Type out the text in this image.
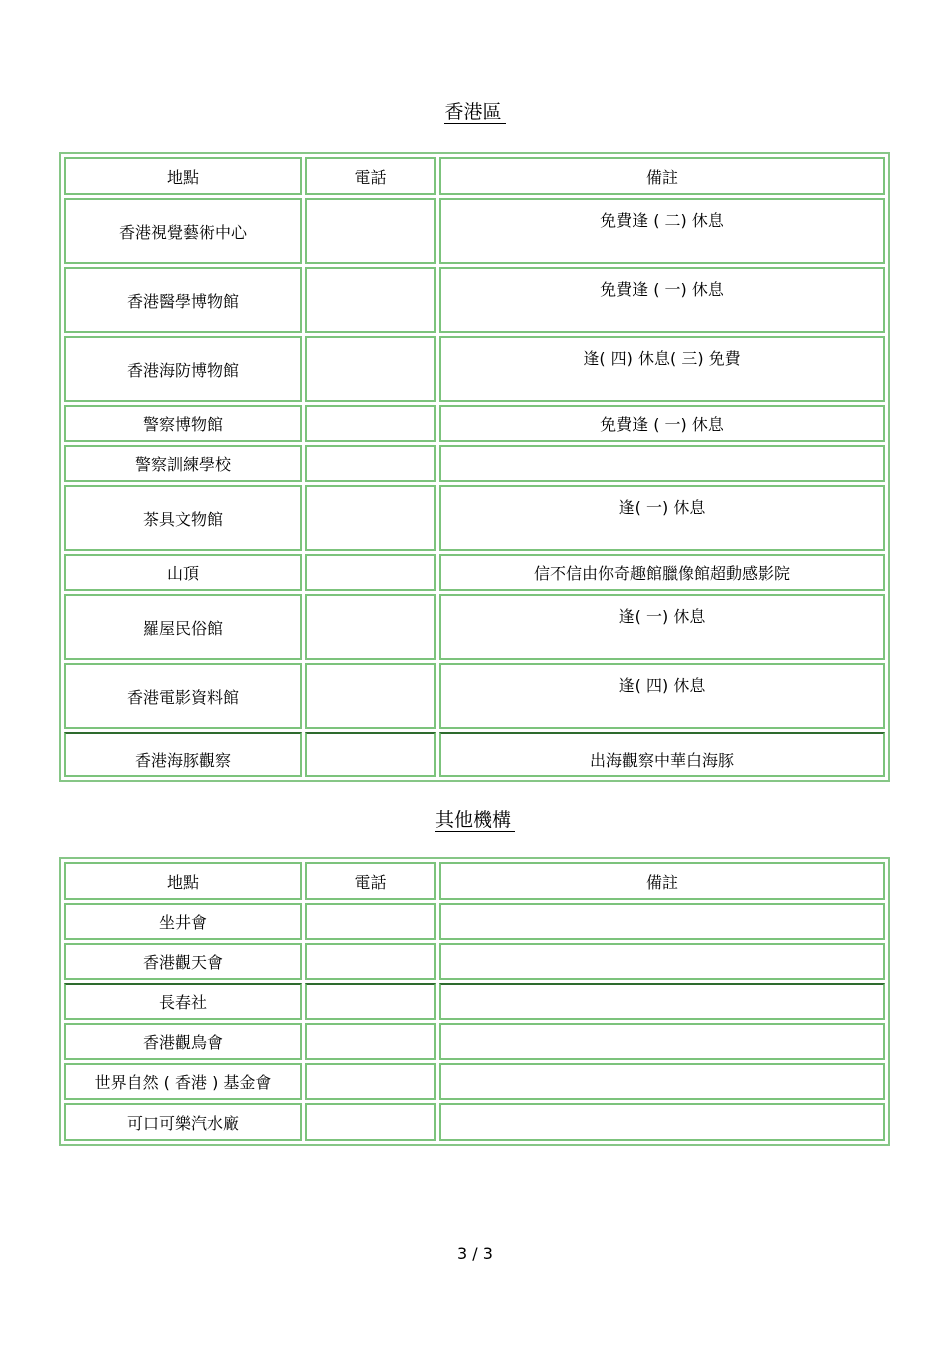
香港區
地點	電話	備註
香港視覺藝術中心		免費逢 ( 二) 休息
香港醫學博物館		免費逢 ( 一) 休息
香港海防博物館		逢( 四) 休息( 三) 免費
警察博物館		免費逢 ( 一) 休息
警察訓練學校		
茶具文物館		逢( 一) 休息
山頂		信不信由你奇趣館臘像館超動感影院
羅屋民俗館		逢( 一) 休息
香港電影資料館		逢( 四) 休息
香港海豚觀察		出海觀察中華白海豚
其他機構
地點	電話	備註
坐井會		
香港觀天會		
長春社		
香港觀鳥會		
世界自然 ( 香港 ) 基金會		
可口可樂汽水廠		
3 / 3
